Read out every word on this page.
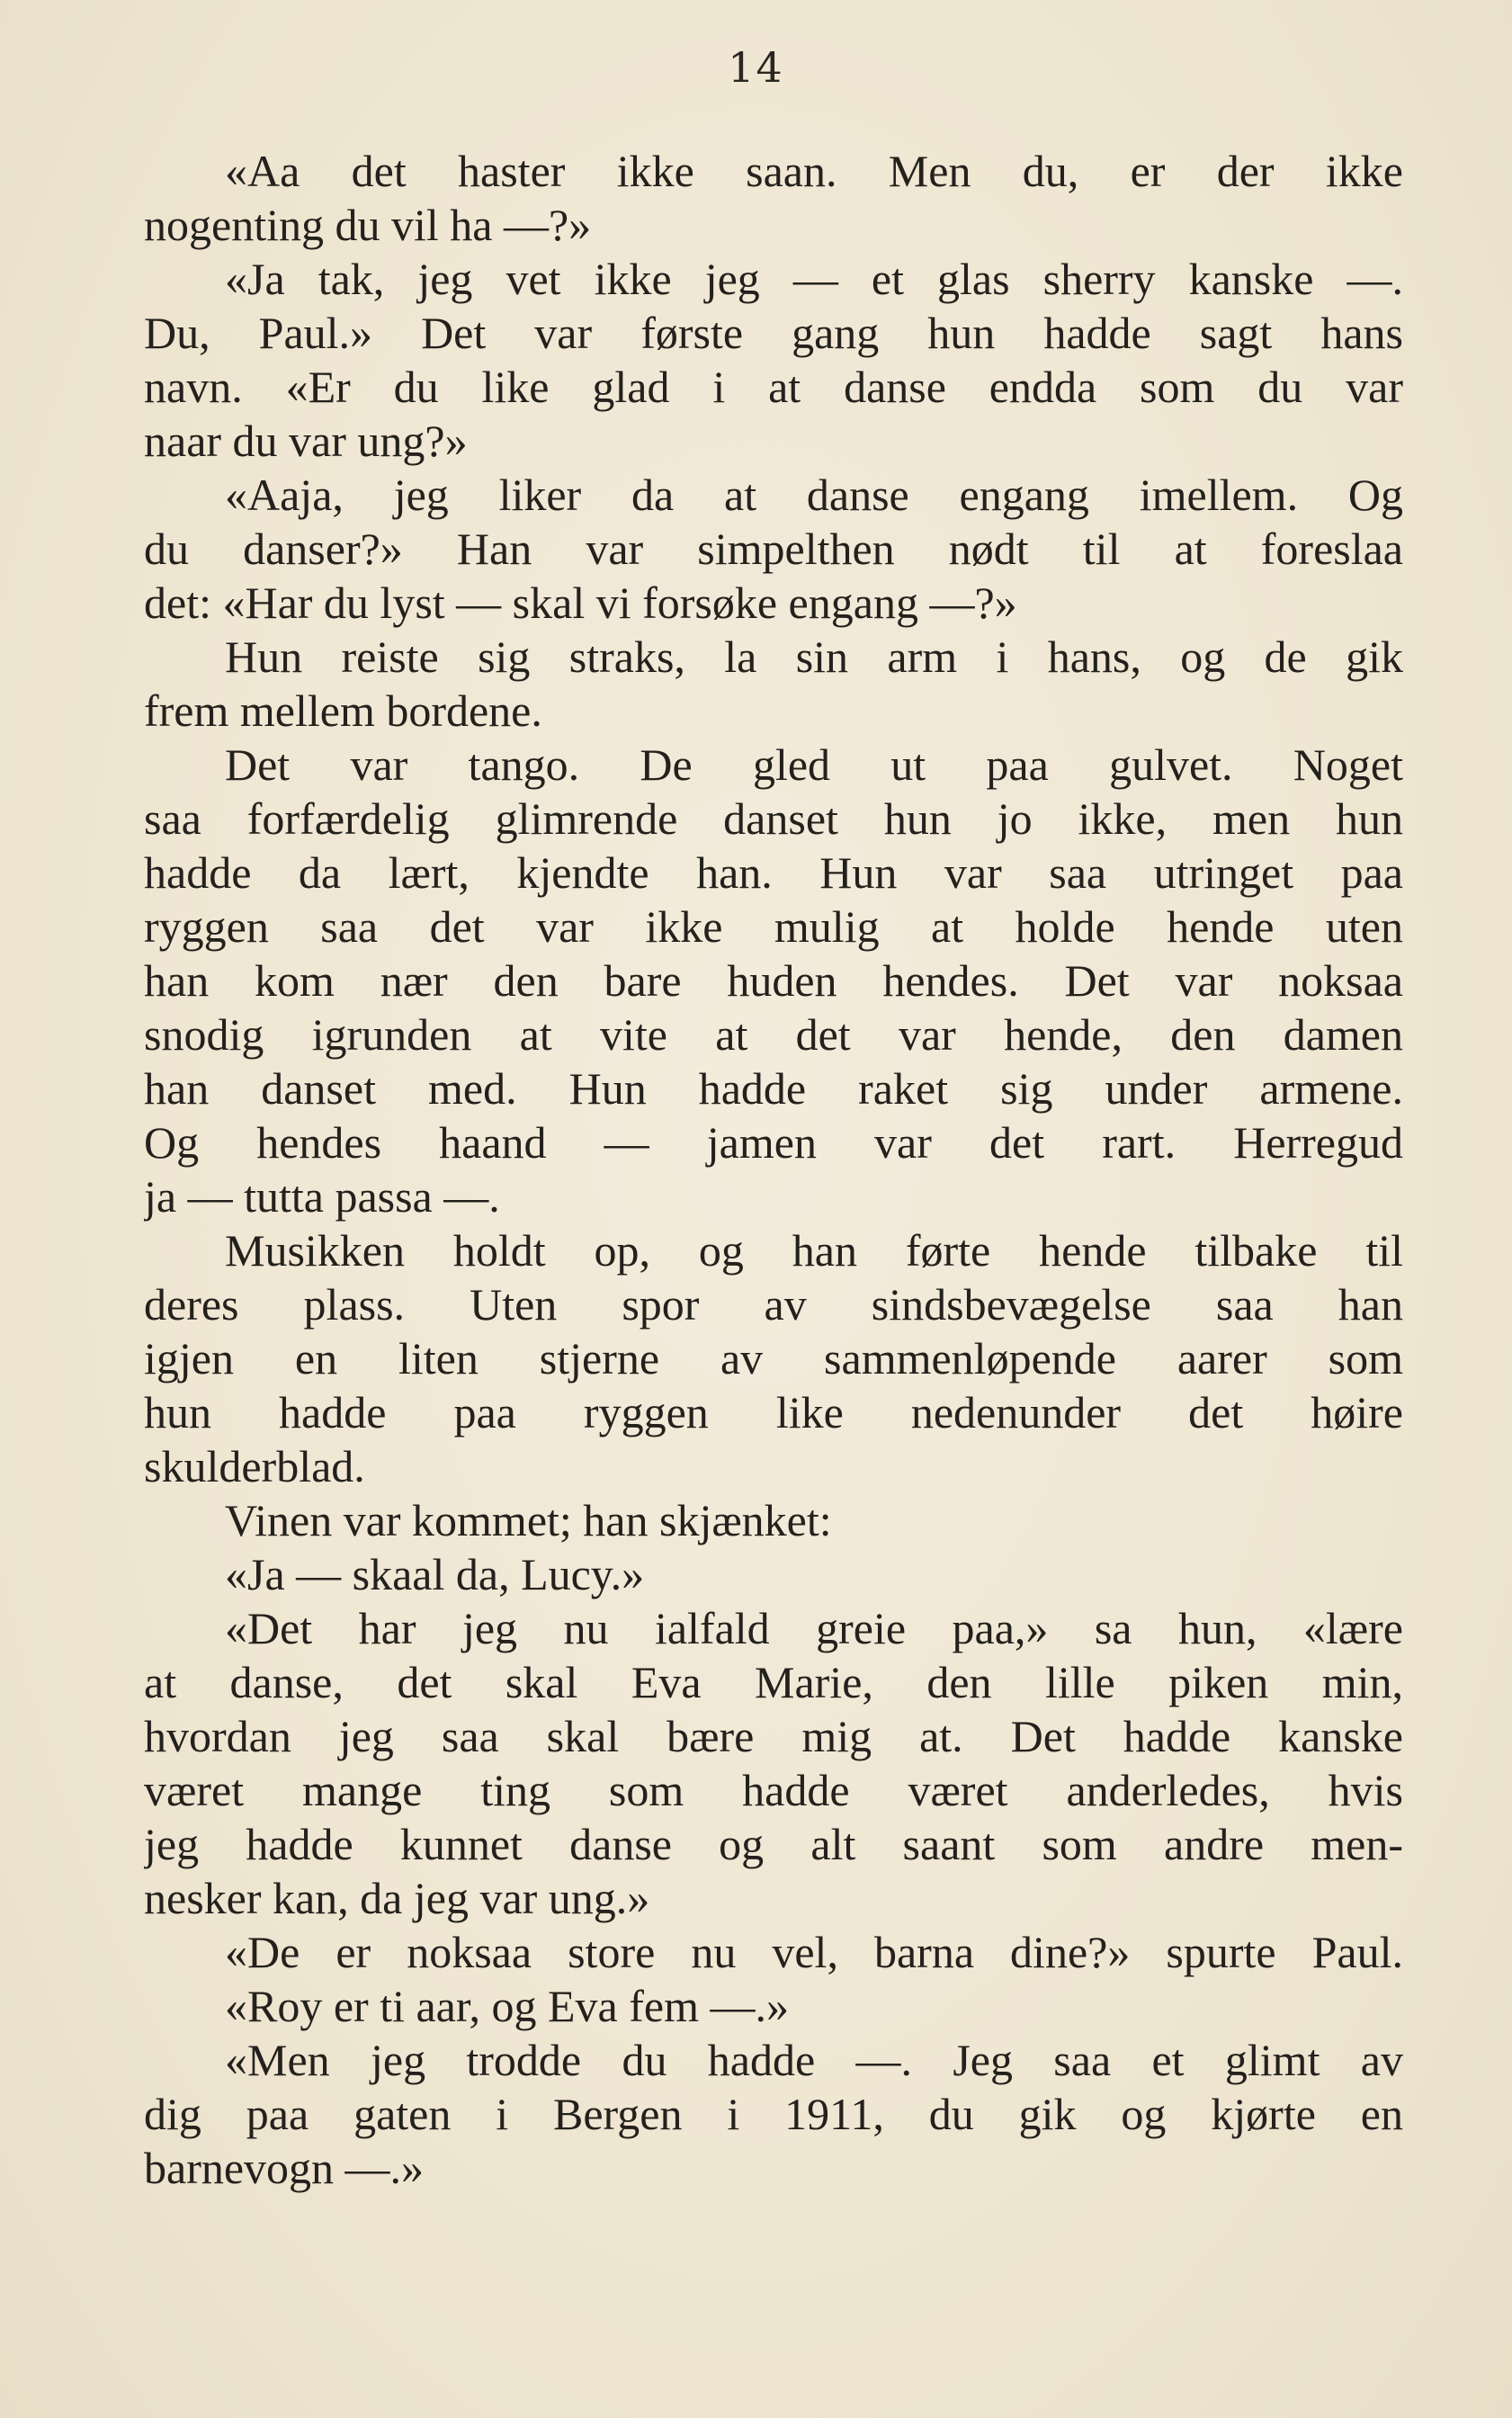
14
«Aa det haster ikke saan. Men du, er der ikke
nogenting du vil ha —?»
«Ja tak, jeg vet ikke jeg — et glas sherry kanske —.
Du, Paul.» Det var første gang hun hadde sagt hans
navn. «Er du like glad i at danse endda som du var
naar du var ung?»
«Aaja, jeg liker da at danse engang imellem. Og
du danser?» Han var simpelthen nødt til at foreslaa
det: «Har du lyst — skal vi forsøke engang —?»
Hun reiste sig straks, la sin arm i hans, og de gik
frem mellem bordene.
Det var tango. De gled ut paa gulvet. Noget
saa forfærdelig glimrende danset hun jo ikke, men hun
hadde da lært, kjendte han. Hun var saa utringet paa
ryggen saa det var ikke mulig at holde hende uten
han kom nær den bare huden hendes. Det var noksaa
snodig igrunden at vite at det var hende, den damen
han danset med. Hun hadde raket sig under armene.
Og hendes haand — jamen var det rart. Herregud
ja — tutta passa —.
Musikken holdt op, og han førte hende tilbake til
deres plass. Uten spor av sindsbevægelse saa han
igjen en liten stjerne av sammenløpende aarer som
hun hadde paa ryggen like nedenunder det høire
skulderblad.
Vinen var kommet; han skjænket:
«Ja — skaal da, Lucy.»
«Det har jeg nu ialfald greie paa,» sa hun, «lære
at danse, det skal Eva Marie, den lille piken min,
hvordan jeg saa skal bære mig at. Det hadde kanske
været mange ting som hadde været anderledes, hvis
jeg hadde kunnet danse og alt saant som andre men-
nesker kan, da jeg var ung.»
«De er noksaa store nu vel, barna dine?» spurte Paul.
«Roy er ti aar, og Eva fem —.»
«Men jeg trodde du hadde —. Jeg saa et glimt av
dig paa gaten i Bergen i 1911, du gik og kjørte en
barnevogn —.»
